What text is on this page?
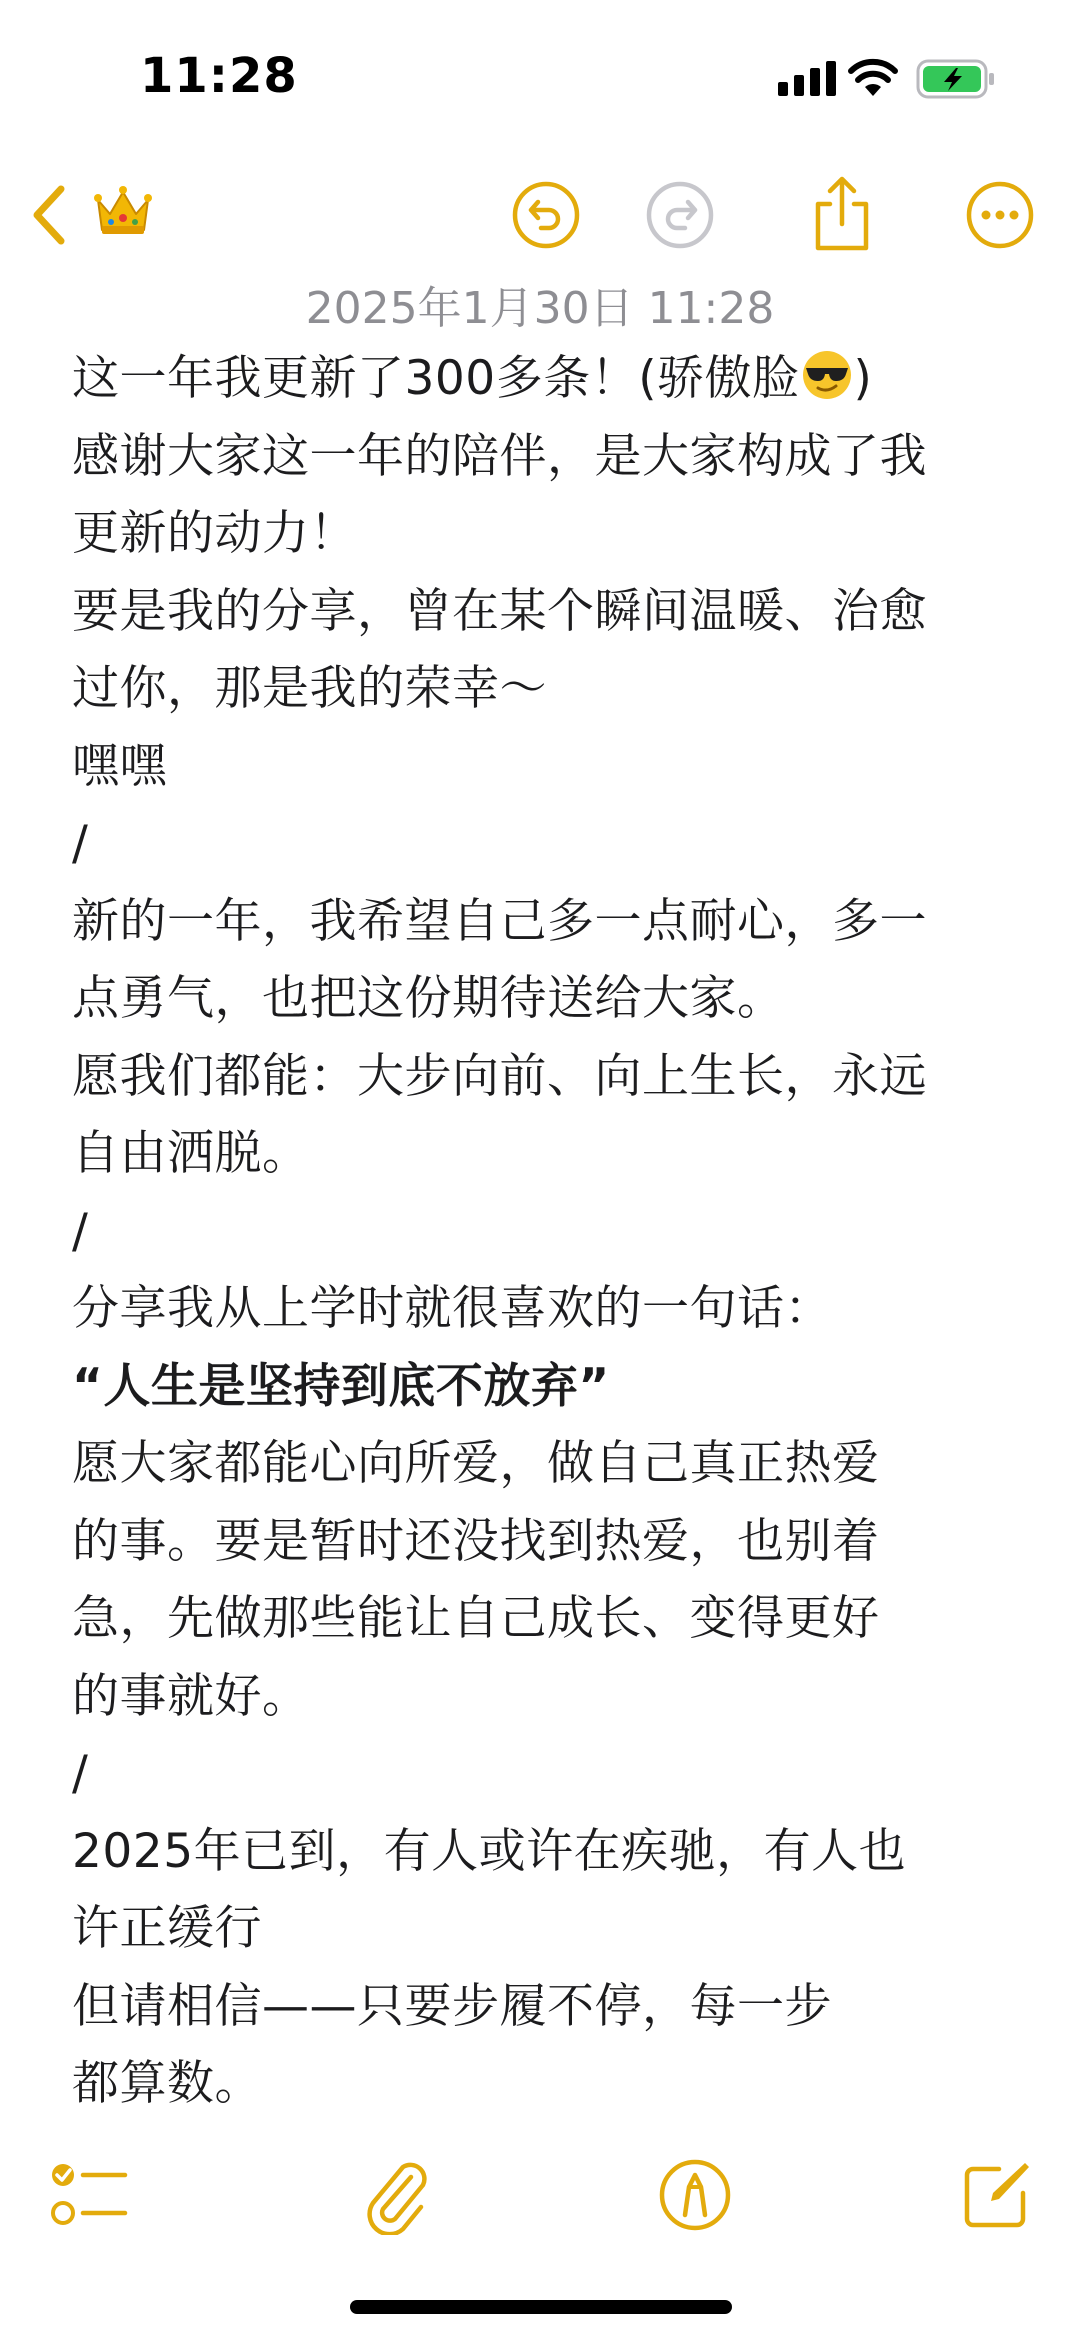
11:28
2025年1月30日 11:28
这一年我更新了300多条！(骄傲脸 )
感谢大家这一年的陪伴，是大家构成了我
更新的动力！
要是我的分享，曾在某个瞬间温暖、治愈
过你，那是我的荣幸～
嘿嘿
/
新的一年，我希望自己多一点耐心，多一
点勇气，也把这份期待送给大家。
愿我们都能：大步向前、向上生长，永远
自由洒脱。
/
分享我从上学时就很喜欢的一句话：
“人生是坚持到底不放弃”
愿大家都能心向所爱，做自己真正热爱
的事。要是暂时还没找到热爱，也别着
急，先做那些能让自己成长、变得更好
的事就好。
/
2025年已到，有人或许在疾驰，有人也
许正缓行
但请相信——只要步履不停，每一步
都算数。
